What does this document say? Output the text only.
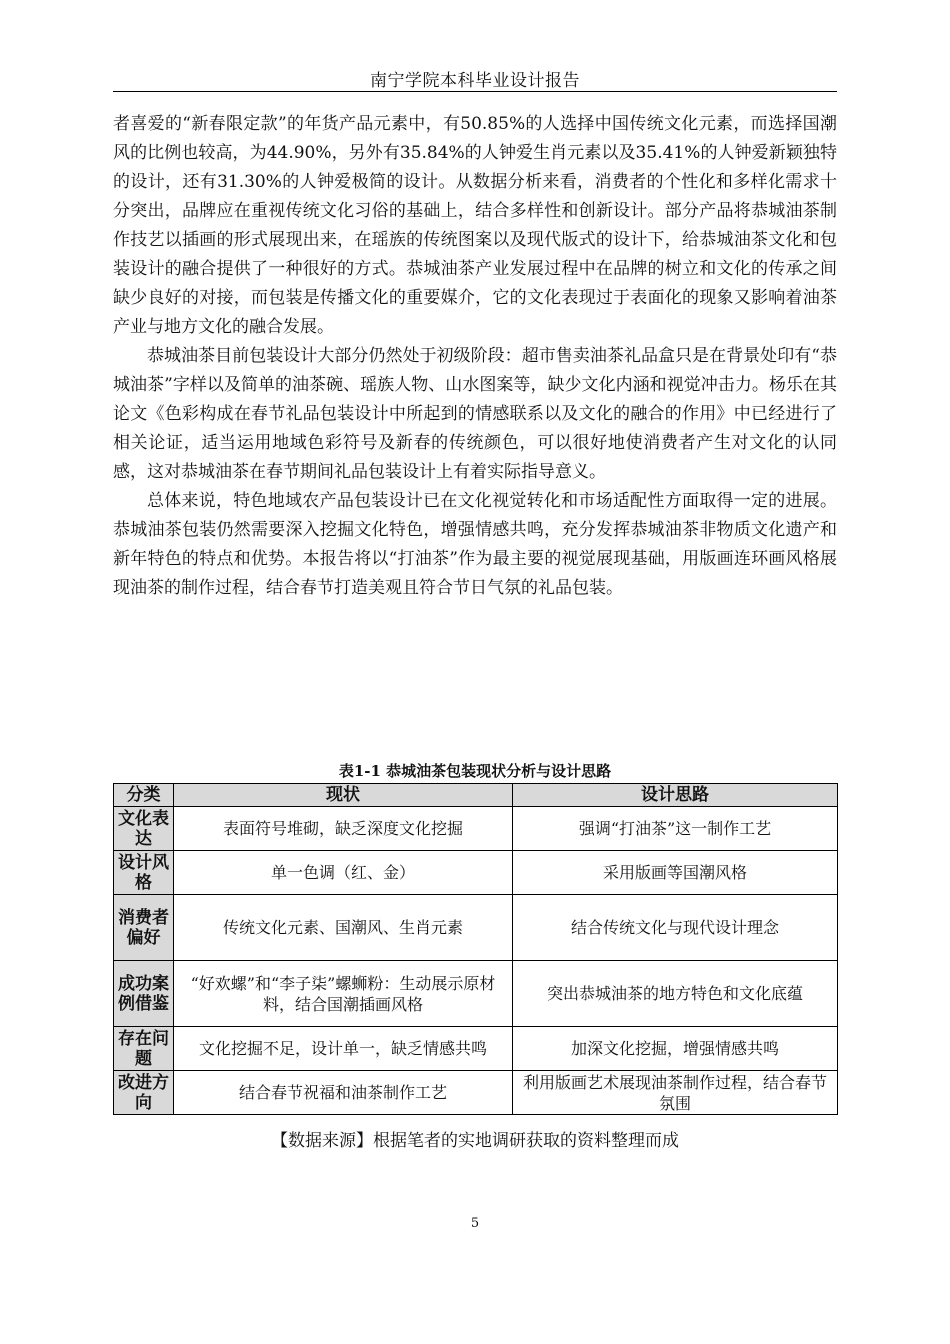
南宁学院本科毕业设计报告

者喜爱的“新春限定款”的年货产品元素中，有50.85%的人选择中国传统文化元素，而选择国潮风的比例也较高，为44.90%，另外有35.84%的人钟爱生肖元素以及35.41%的人钟爱新颖独特的设计，还有31.30%的人钟爱极简的设计。从数据分析来看，消费者的个性化和多样化需求十分突出，品牌应在重视传统文化习俗的基础上，结合多样性和创新设计。部分产品将恭城油茶制作技艺以插画的形式展现出来，在瑶族的传统图案以及现代版式的设计下，给恭城油茶文化和包装设计的融合提供了一种很好的方式。恭城油茶产业发展过程中在品牌的树立和文化的传承之间缺少良好的对接，而包装是传播文化的重要媒介，它的文化表现过于表面化的现象又影响着油茶产业与地方文化的融合发展。

恭城油茶目前包装设计大部分仍然处于初级阶段：超市售卖油茶礼品盒只是在背景处印有“恭城油茶”字样以及简单的油茶碗、瑶族人物、山水图案等，缺少文化内涵和视觉冲击力。杨乐在其论文《色彩构成在春节礼品包装设计中所起到的情感联系以及文化的融合的作用》中已经进行了相关论证，适当运用地域色彩符号及新春的传统颜色，可以很好地使消费者产生对文化的认同感，这对恭城油茶在春节期间礼品包装设计上有着实际指导意义。

总体来说，特色地域农产品包装设计已在文化视觉转化和市场适配性方面取得一定的进展。恭城油茶包装仍然需要深入挖掘文化特色，增强情感共鸣，充分发挥恭城油茶非物质文化遗产和新年特色的特点和优势。本报告将以“打油茶”作为最主要的视觉展现基础，用版画连环画风格展现油茶的制作过程，结合春节打造美观且符合节日气氛的礼品包装。

表1-1 恭城油茶包装现状分析与设计思路
分类	现状	设计思路
文化表达	表面符号堆砌，缺乏深度文化挖掘	强调“打油茶”这一制作工艺
设计风格	单一色调（红、金）	采用版画等国潮风格
消费者偏好	传统文化元素、国潮风、生肖元素	结合传统文化与现代设计理念
成功案例借鉴	“好欢螺”和“李子柒”螺蛳粉：生动展示原材料，结合国潮插画风格	突出恭城油茶的地方特色和文化底蕴
存在问题	文化挖掘不足，设计单一，缺乏情感共鸣	加深文化挖掘，增强情感共鸣
改进方向	结合春节祝福和油茶制作工艺	利用版画艺术展现油茶制作过程，结合春节氛围
【数据来源】根据笔者的实地调研获取的资料整理而成
5
